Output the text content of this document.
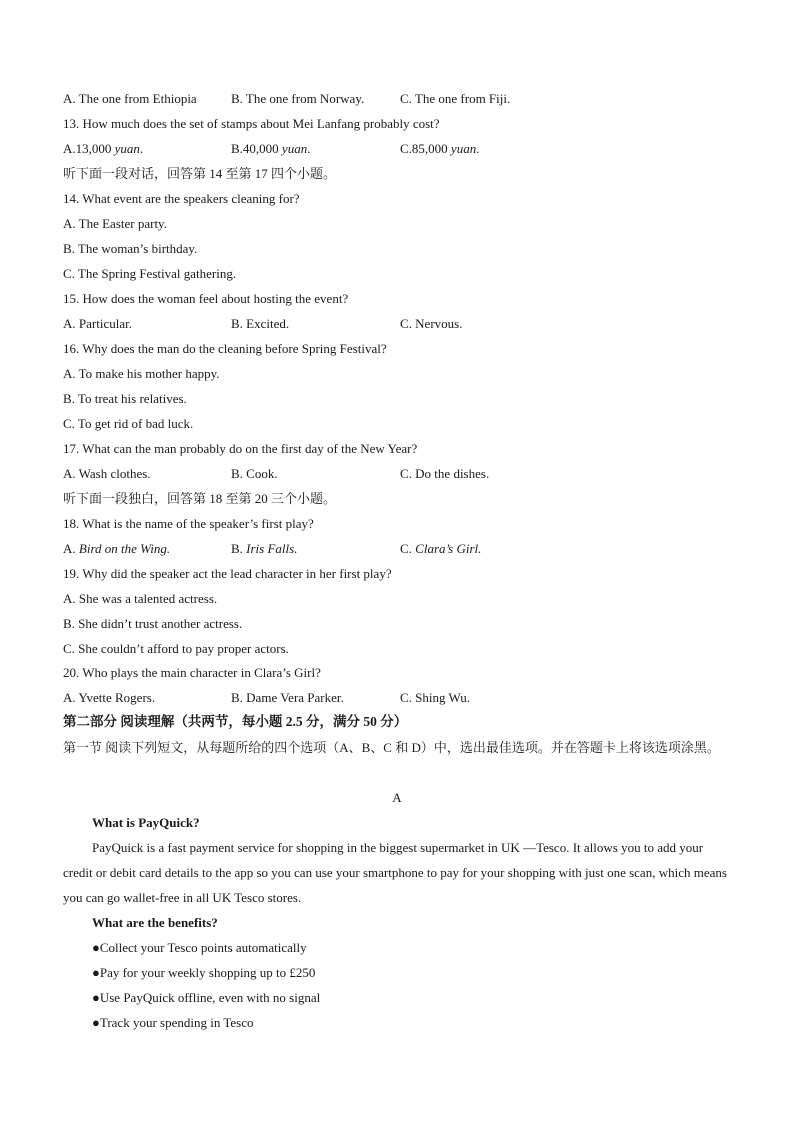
A. The one from Ethiopia	B. The one from Norway.	C. The one from Fiji.
13. How much does the set of stamps about Mei Lanfang probably cost?
A.13,000 yuan.	B.40,000 yuan.	C.85,000 yuan.
听下面一段对话，回答第 14 至第 17 四个小题。
14. What event are the speakers cleaning for?
A. The Easter party.
B. The woman’s birthday.
C. The Spring Festival gathering.
15. How does the woman feel about hosting the event?
A. Particular.	B. Excited.	C. Nervous.
16. Why does the man do the cleaning before Spring Festival?
A. To make his mother happy.
B. To treat his relatives.
C. To get rid of bad luck.
17. What can the man probably do on the first day of the New Year?
A. Wash clothes.	B. Cook.	C. Do the dishes.
听下面一段独白，回答第 18 至第 20 三个小题。
18. What is the name of the speaker’s first play?
A. Bird on the Wing.	B. Iris Falls.	C. Clara’s Girl.
19. Why did the speaker act the lead character in her first play?
A. She was a talented actress.
B. She didn’t trust another actress.
C. She couldn’t afford to pay proper actors.
20. Who plays the main character in Clara’s Girl?
A. Yvette Rogers.	B. Dame Vera Parker.	C. Shing Wu.
第二部分 阅读理解（共两节，每小题 2.5 分，满分 50 分）
第一节 阅读下列短文，从每题所给的四个选项（A、B、C 和 D）中，选出最佳选项。并在答题卡上将该选项涂黑。
A
What is PayQuick?
PayQuick is a fast payment service for shopping in the biggest supermarket in UK —Tesco. It allows you to add your credit or debit card details to the app so you can use your smartphone to pay for your shopping with just one scan, which means you can go wallet-free in all UK Tesco stores.
What are the benefits?
●Collect your Tesco points automatically
●Pay for your weekly shopping up to £250
●Use PayQuick offline, even with no signal
●Track your spending in Tesco
